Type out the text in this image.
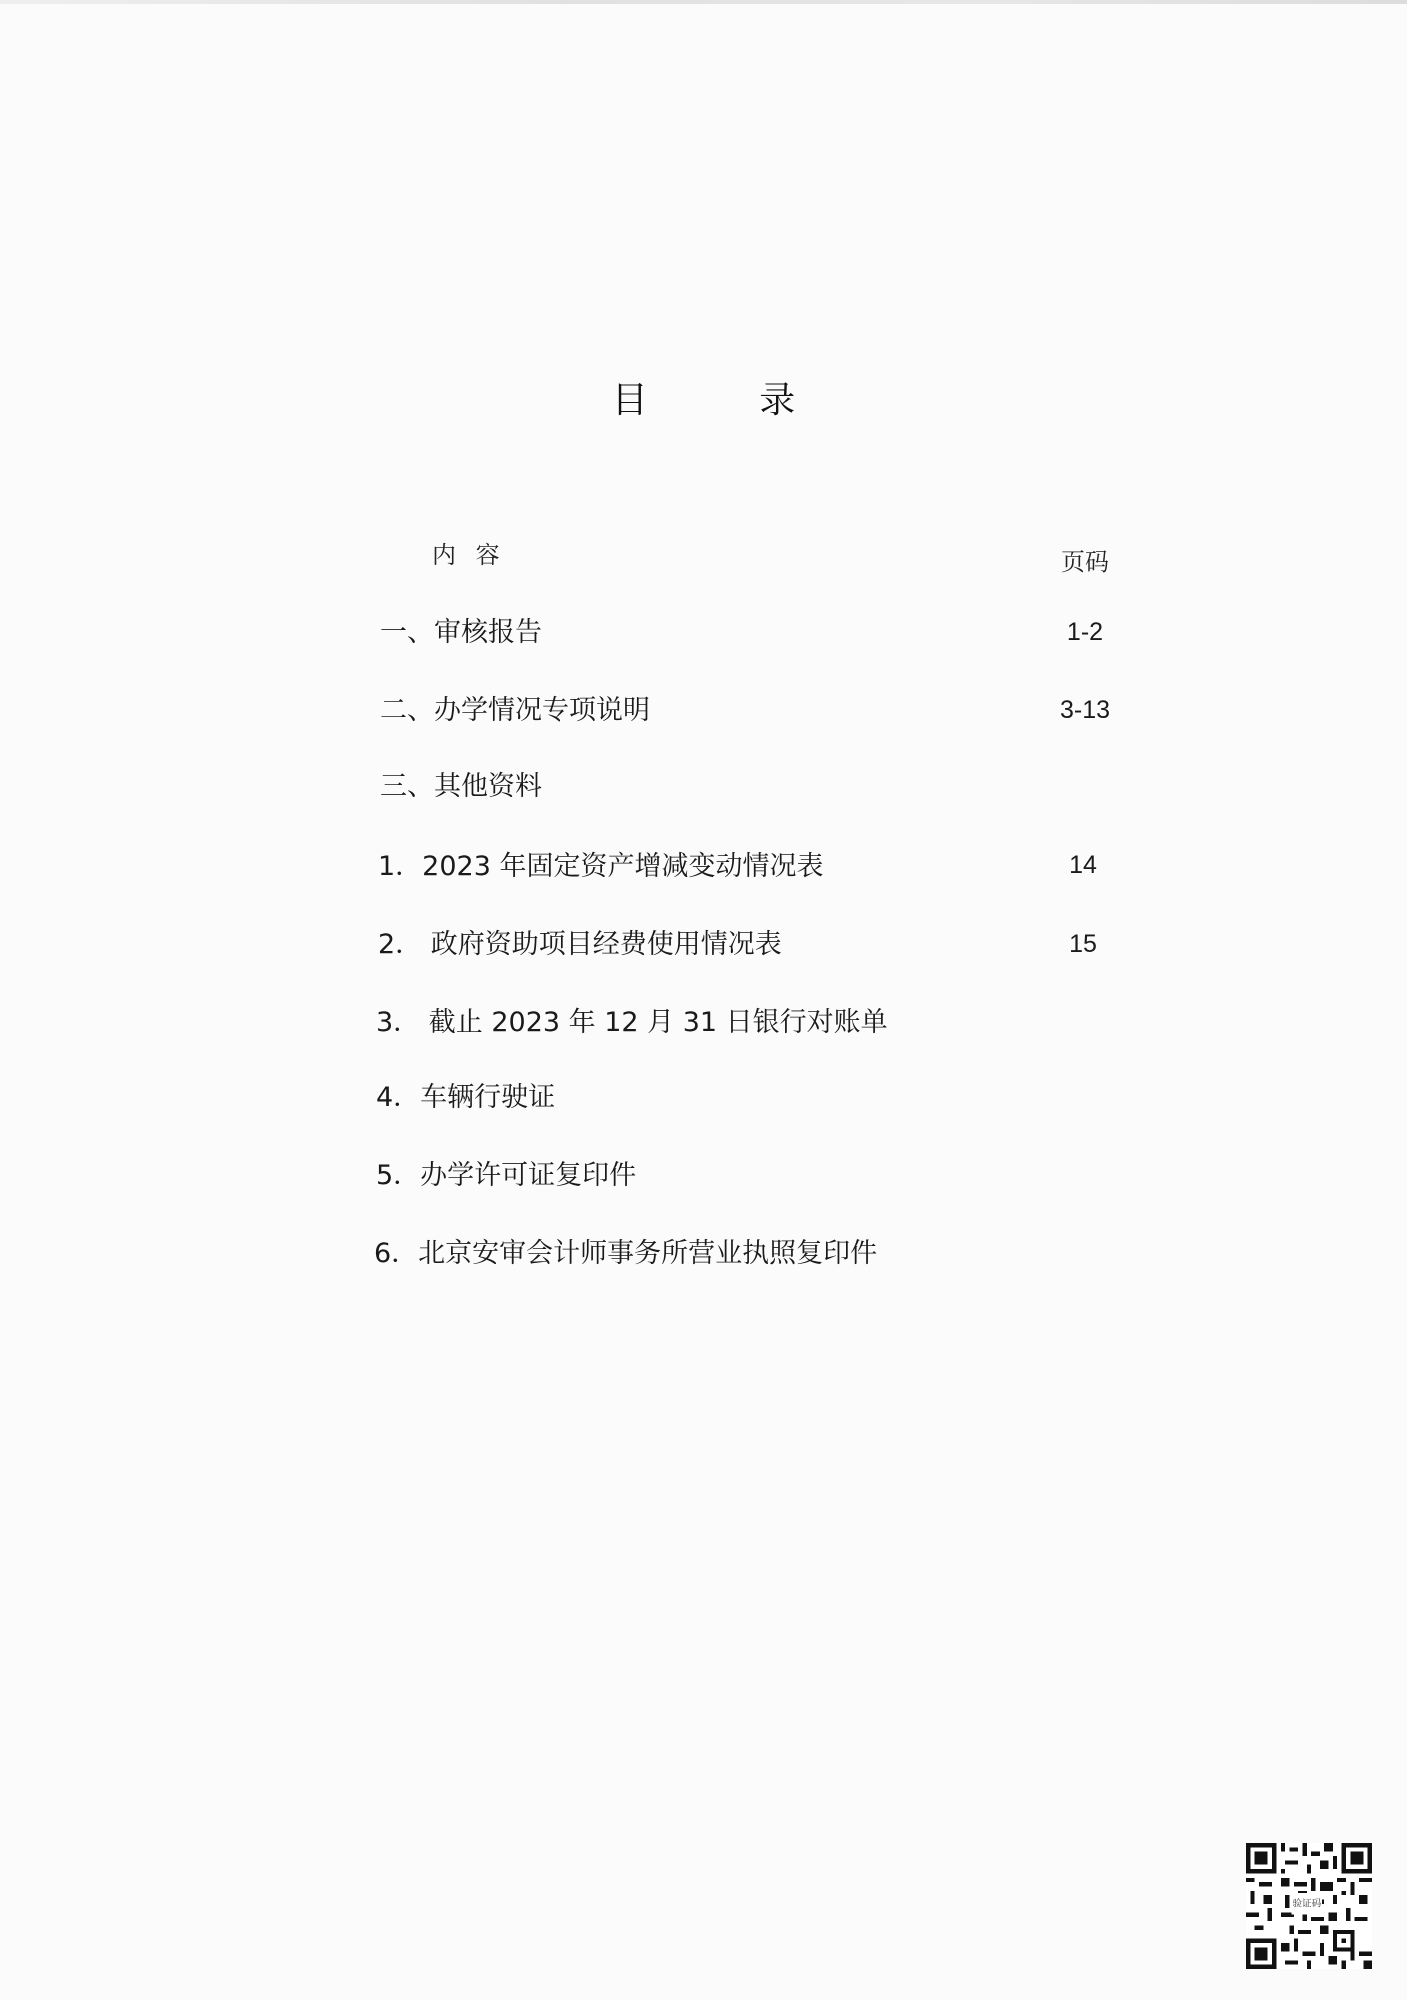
目 录
内 容	页码
一、审核报告	1-2
二、办学情况专项说明	3-13
三、其他资料
1．2023 年固定资产增减变动情况表	14
2． 政府资助项目经费使用情况表	15
3． 截止 2023 年 12 月 31 日银行对账单
4．车辆行驶证
5．办学许可证复印件
6．北京安审会计师事务所营业执照复印件
验证码
